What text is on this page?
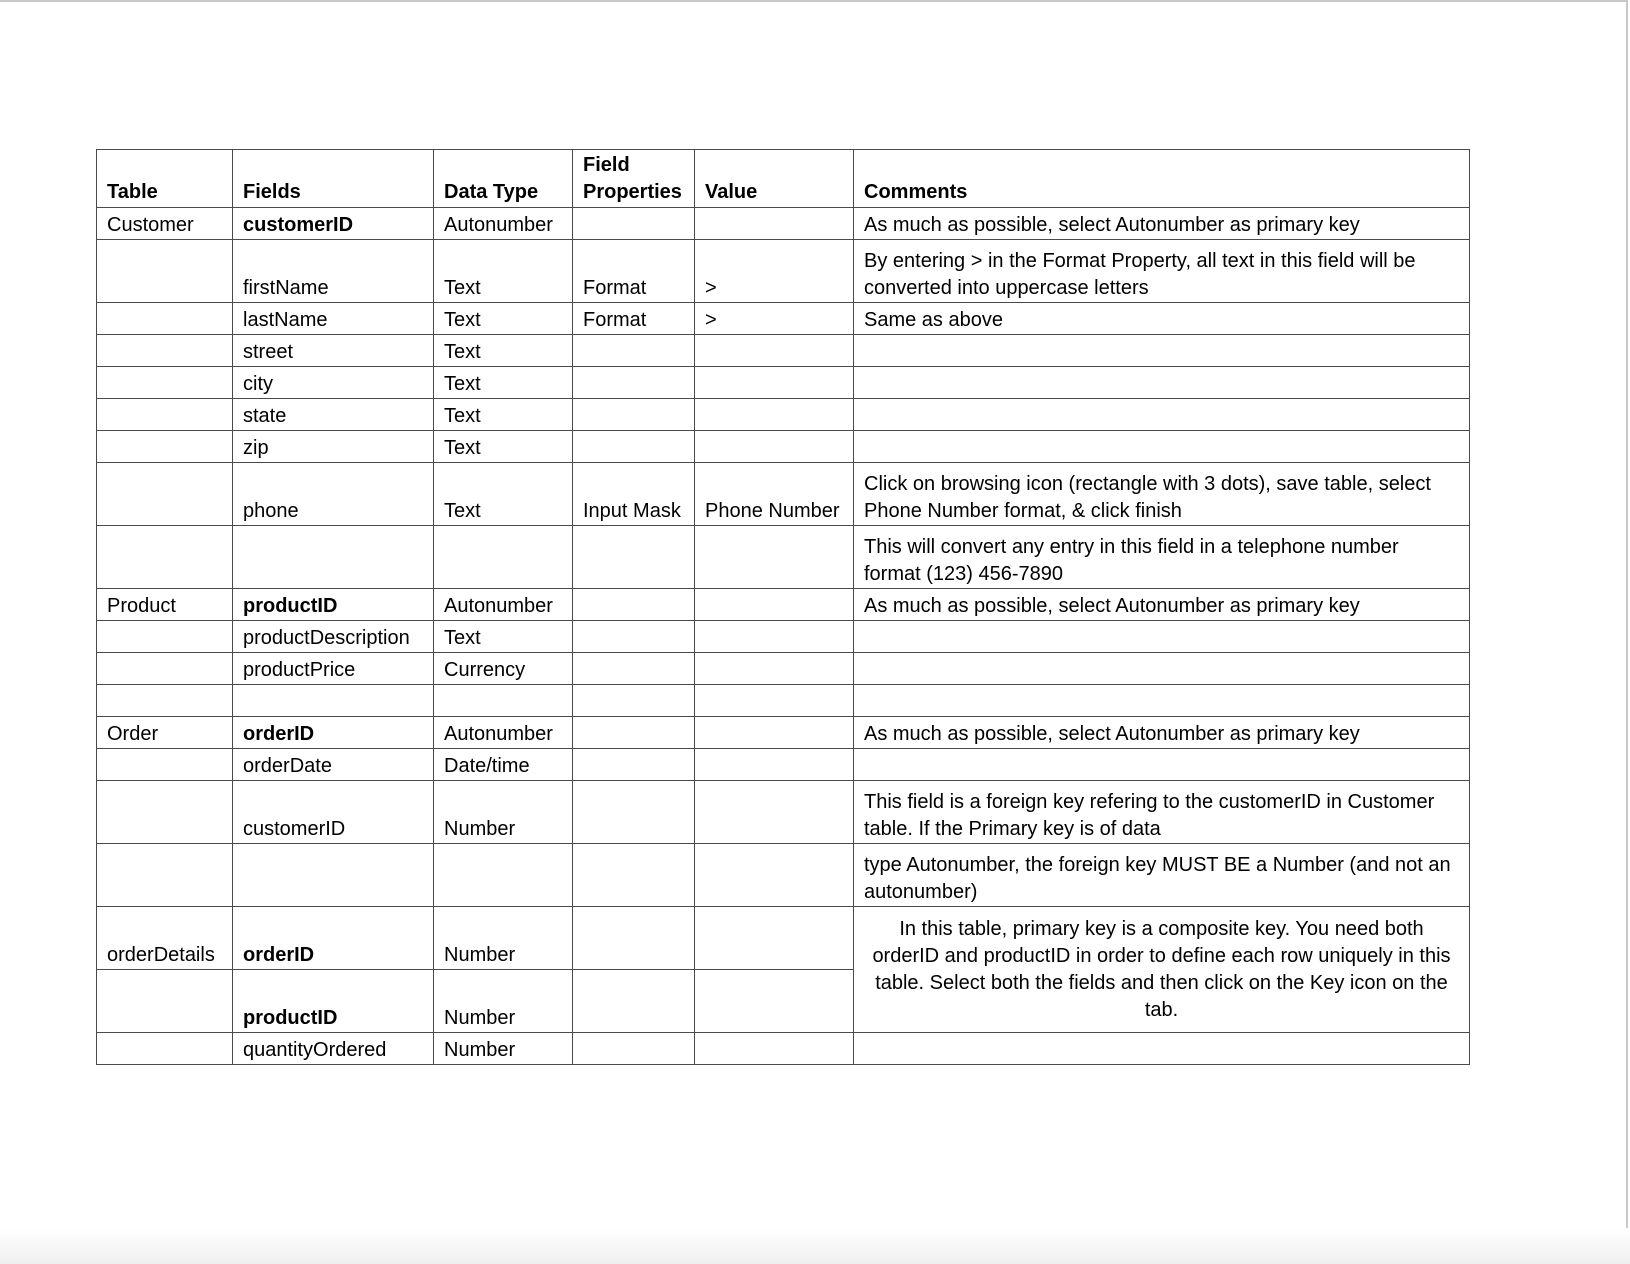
Table	Fields	Data Type	Field Properties	Value	Comments
Customer	customerID	Autonumber			As much as possible, select Autonumber as primary key
	firstName	Text	Format	>	By entering > in the Format Property, all text in this field will be converted into uppercase letters
	lastName	Text	Format	>	Same as above
	street	Text			
	city	Text			
	state	Text			
	zip	Text			
	phone	Text	Input Mask	Phone Number	Click on browsing icon (rectangle with 3 dots), save table, select Phone Number format, & click finish
					This will convert any entry in this field in a telephone number format (123) 456-7890
Product	productID	Autonumber			As much as possible, select Autonumber as primary key
	productDescription	Text			
	productPrice	Currency			

Order	orderID	Autonumber			As much as possible, select Autonumber as primary key
	orderDate	Date/time			
	customerID	Number			This field is a foreign key refering to the customerID in Customer table. If the Primary key is of data
					type Autonumber, the foreign key MUST BE a Number (and not an autonumber)
orderDetails	orderID	Number			In this table, primary key is a composite key. You need both orderID and productID in order to define each row uniquely in this table. Select both the fields and then click on the Key icon on the tab.
	productID	Number			
	quantityOrdered	Number			
